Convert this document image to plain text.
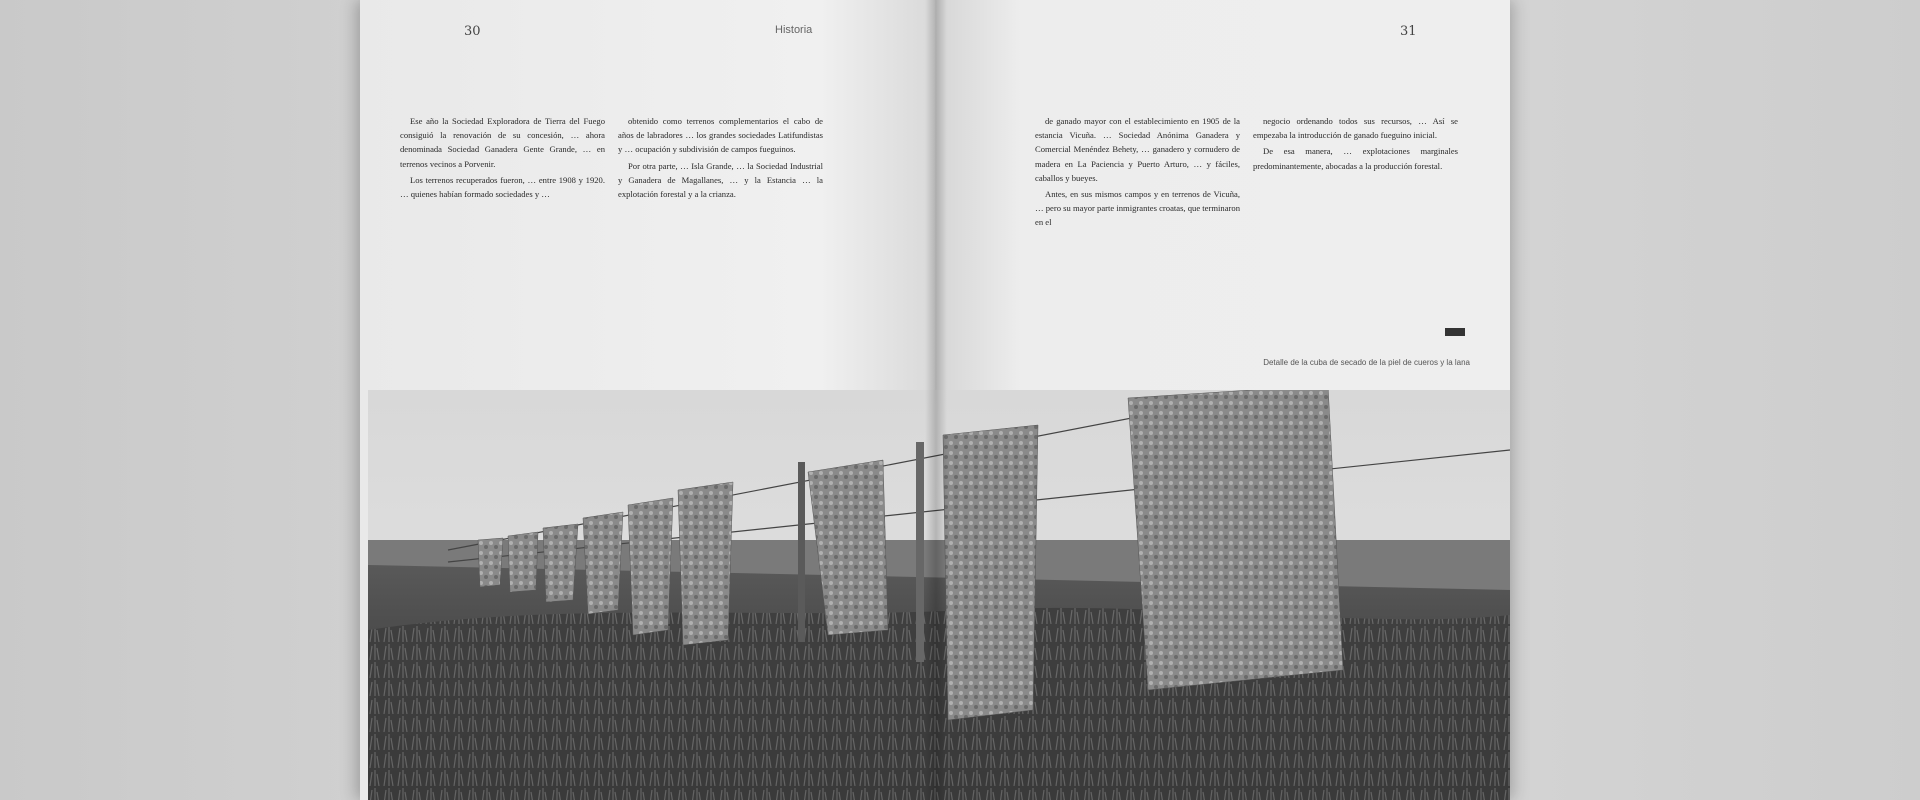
30	Historia

Ese año la Sociedad Exploradora de Tierra del Fuego consiguió la renovación de su concesión, … ahora denominada Sociedad Ganadera Gente Grande, … en terrenos vecinos a Porvenir.

Los terrenos recuperados fueron, … entre 1908 y 1920. … quienes habían formado sociedades y …

obtenido como terrenos complementarios el cabo de años de labradores … los grandes sociedades Latifundistas y … ocupación y subdivisión de campos fueguinos.

Por otra parte, … Isla Grande, … la Sociedad Industrial y Ganadera de Magallanes, … y la Estancia … la explotación forestal y a la crianza.

31

de ganado mayor con el establecimiento en 1905 de la estancia Vicuña. … Sociedad Anónima Ganadera y Comercial Menéndez Behety, … ganadero y cornudero de madera en La Paciencia y Puerto Arturo, … y fáciles, caballos y bueyes.

Antes, en sus mismos campos y en terrenos de Vicuña, … pero su mayor parte inmigrantes croatas, que terminaron en el

negocio ordenando todos sus recursos, … Así se empezaba la introducción de ganado fueguino inicial.

De esa manera, … explotaciones marginales predominantemente, abocadas a la producción forestal.

Detalle de la cuba de secado de la piel de cueros y la lana
